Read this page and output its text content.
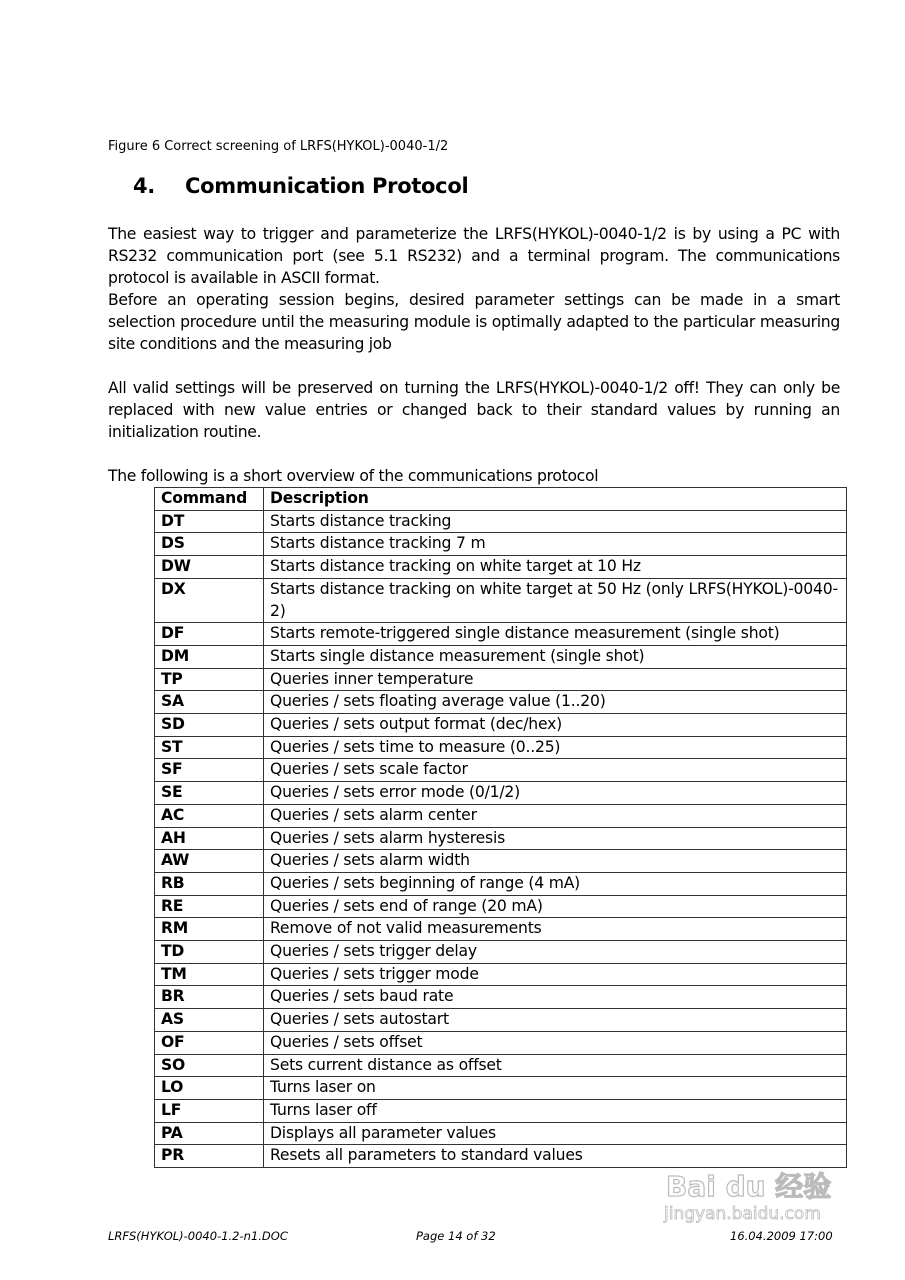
Figure 6 Correct screening of LRFS(HYKOL)-0040-1/2
4. Communication Protocol

The easiest way to trigger and parameterize the LRFS(HYKOL)-0040-1/2 is by using a PC with RS232 communication port (see 5.1 RS232) and a terminal program. The communications protocol is available in ASCII format.

Before an operating session begins, desired parameter settings can be made in a smart selection procedure until the measuring module is optimally adapted to the particular measuring site conditions and the measuring job

All valid settings will be preserved on turning the LRFS(HYKOL)-0040-1/2 off! They can only be replaced with new value entries or changed back to their standard values by running an initialization routine.

The following is a short overview of the communications protocol

Command	Description
DT	Starts distance tracking
DS	Starts distance tracking 7 m
DW	Starts distance tracking on white target at 10 Hz
DX	Starts distance tracking on white target at 50 Hz (only LRFS(HYKOL)-0040-2)
DF	Starts remote-triggered single distance measurement (single shot)
DM	Starts single distance measurement (single shot)
TP	Queries inner temperature
SA	Queries / sets floating average value (1..20)
SD	Queries / sets output format (dec/hex)
ST	Queries / sets time to measure (0..25)
SF	Queries / sets scale factor
SE	Queries / sets error mode (0/1/2)
AC	Queries / sets alarm center
AH	Queries / sets alarm hysteresis
AW	Queries / sets alarm width
RB	Queries / sets beginning of range (4 mA)
RE	Queries / sets end of range (20 mA)
RM	Remove of not valid measurements
TD	Queries / sets trigger delay
TM	Queries / sets trigger mode
BR	Queries / sets baud rate
AS	Queries / sets autostart
OF	Queries / sets offset
SO	Sets current distance as offset
LO	Turns laser on
LF	Turns laser off
PA	Displays all parameter values
PR	Resets all parameters to standard values
Bai du 经验
jingyan.baidu.com
LRFS(HYKOL)-0040-1.2-n1.DOC	Page 14 of 32	16.04.2009 17:00
